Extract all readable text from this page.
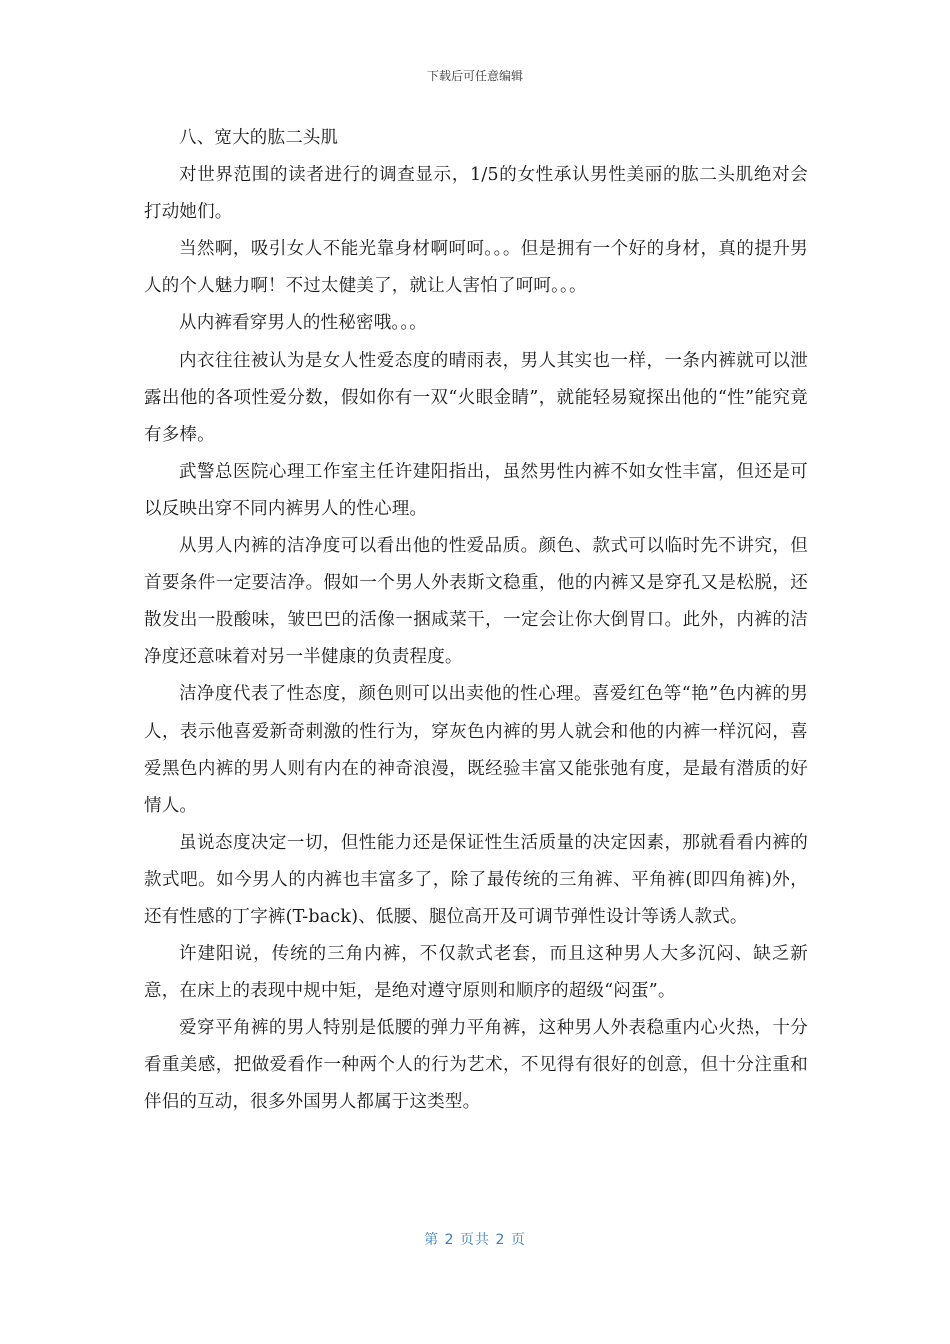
下载后可任意编辑

八、宽大的肱二头肌

对世界范围的读者进行的调查显示，1/5的女性承认男性美丽的肱二头肌绝对会打动她们。

当然啊，吸引女人不能光靠身材啊呵呵。。。但是拥有一个好的身材，真的提升男人的个人魅力啊！不过太健美了，就让人害怕了呵呵。。。

从内裤看穿男人的性秘密哦。。。

内衣往往被认为是女人性爱态度的晴雨表，男人其实也一样，一条内裤就可以泄露出他的各项性爱分数，假如你有一双“火眼金睛”，就能轻易窥探出他的“性”能究竟有多棒。

武警总医院心理工作室主任许建阳指出，虽然男性内裤不如女性丰富，但还是可以反映出穿不同内裤男人的性心理。

从男人内裤的洁净度可以看出他的性爱品质。颜色、款式可以临时先不讲究，但首要条件一定要洁净。假如一个男人外表斯文稳重，他的内裤又是穿孔又是松脱，还散发出一股酸味，皱巴巴的活像一捆咸菜干，一定会让你大倒胃口。此外，内裤的洁净度还意味着对另一半健康的负责程度。

洁净度代表了性态度，颜色则可以出卖他的性心理。喜爱红色等“艳”色内裤的男人，表示他喜爱新奇刺激的性行为，穿灰色内裤的男人就会和他的内裤一样沉闷，喜爱黑色内裤的男人则有内在的神奇浪漫，既经验丰富又能张弛有度，是最有潜质的好情人。

虽说态度决定一切，但性能力还是保证性生活质量的决定因素，那就看看内裤的款式吧。如今男人的内裤也丰富多了，除了最传统的三角裤、平角裤(即四角裤)外，还有性感的丁字裤(T-back)、低腰、腿位高开及可调节弹性设计等诱人款式。

许建阳说，传统的三角内裤，不仅款式老套，而且这种男人大多沉闷、缺乏新意，在床上的表现中规中矩，是绝对遵守原则和顺序的超级“闷蛋”。

爱穿平角裤的男人特别是低腰的弹力平角裤，这种男人外表稳重内心火热，十分看重美感，把做爱看作一种两个人的行为艺术，不见得有很好的创意，但十分注重和伴侣的互动，很多外国男人都属于这类型。

第 2 页共 2 页
